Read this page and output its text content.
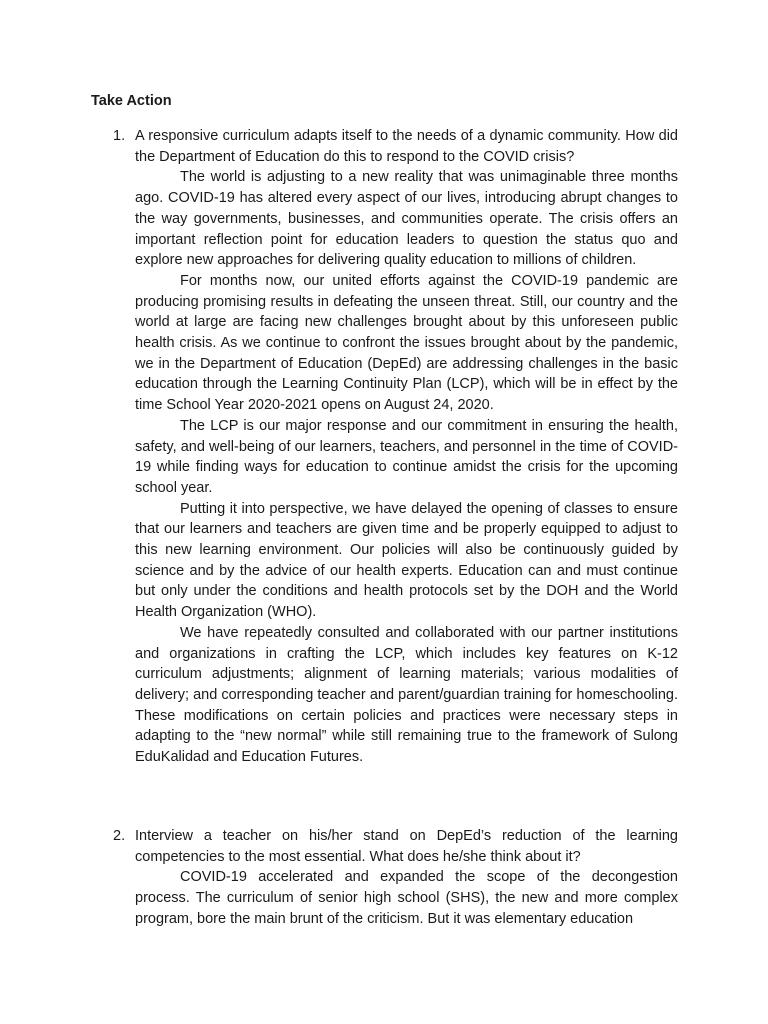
Take Action
1. A responsive curriculum adapts itself to the needs of a dynamic community. How did the Department of Education do this to respond to the COVID crisis?

The world is adjusting to a new reality that was unimaginable three months ago. COVID-19 has altered every aspect of our lives, introducing abrupt changes to the way governments, businesses, and communities operate. The crisis offers an important reflection point for education leaders to question the status quo and explore new approaches for delivering quality education to millions of children.

For months now, our united efforts against the COVID-19 pandemic are producing promising results in defeating the unseen threat. Still, our country and the world at large are facing new challenges brought about by this unforeseen public health crisis. As we continue to confront the issues brought about by the pandemic, we in the Department of Education (DepEd) are addressing challenges in the basic education through the Learning Continuity Plan (LCP), which will be in effect by the time School Year 2020-2021 opens on August 24, 2020.

The LCP is our major response and our commitment in ensuring the health, safety, and well-being of our learners, teachers, and personnel in the time of COVID-19 while finding ways for education to continue amidst the crisis for the upcoming school year.

Putting it into perspective, we have delayed the opening of classes to ensure that our learners and teachers are given time and be properly equipped to adjust to this new learning environment. Our policies will also be continuously guided by science and by the advice of our health experts. Education can and must continue but only under the conditions and health protocols set by the DOH and the World Health Organization (WHO).

We have repeatedly consulted and collaborated with our partner institutions and organizations in crafting the LCP, which includes key features on K-12 curriculum adjustments; alignment of learning materials; various modalities of delivery; and corresponding teacher and parent/guardian training for homeschooling. These modifications on certain policies and practices were necessary steps in adapting to the “new normal” while still remaining true to the framework of Sulong EduKalidad and Education Futures.

2. Interview a teacher on his/her stand on DepEd’s reduction of the learning competencies to the most essential. What does he/she think about it?

COVID-19 accelerated and expanded the scope of the decongestion process. The curriculum of senior high school (SHS), the new and more complex program, bore the main brunt of the criticism. But it was elementary education
